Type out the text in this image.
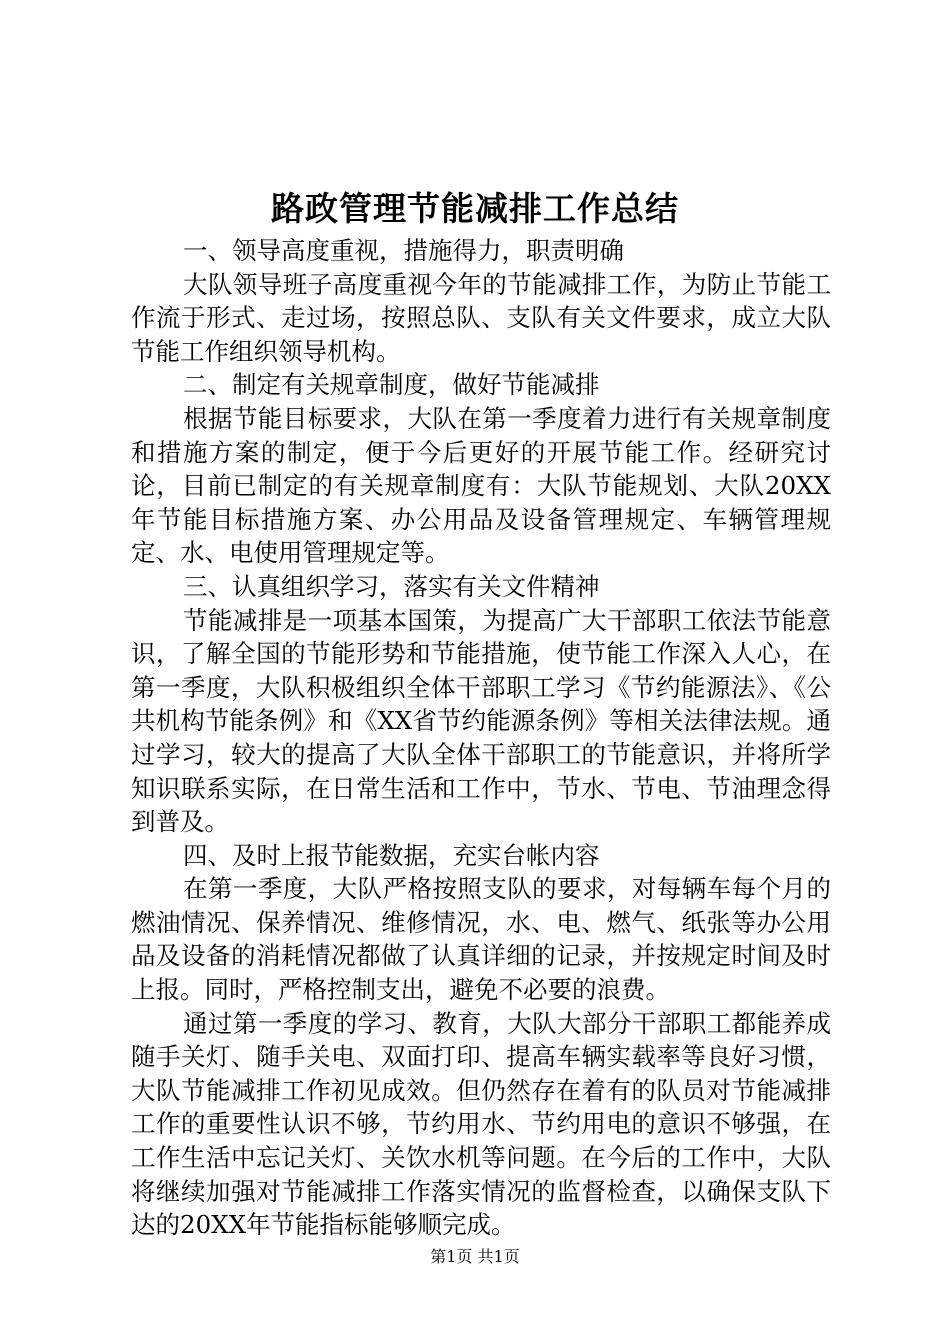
路政管理节能减排工作总结

一、领导高度重视，措施得力，职责明确

大队领导班子高度重视今年的节能减排工作，为防止节能工作流于形式、走过场，按照总队、支队有关文件要求，成立大队节能工作组织领导机构。

二、制定有关规章制度，做好节能减排

根据节能目标要求，大队在第一季度着力进行有关规章制度和措施方案的制定，便于今后更好的开展节能工作。经研究讨论，目前已制定的有关规章制度有：大队节能规划、大队20XX年节能目标措施方案、办公用品及设备管理规定、车辆管理规定、水、电使用管理规定等。

三、认真组织学习，落实有关文件精神

节能减排是一项基本国策，为提高广大干部职工依法节能意识，了解全国的节能形势和节能措施，使节能工作深入人心，在第一季度，大队积极组织全体干部职工学习《节约能源法》、《公共机构节能条例》和《XX省节约能源条例》等相关法律法规。通过学习，较大的提高了大队全体干部职工的节能意识，并将所学知识联系实际，在日常生活和工作中，节水、节电、节油理念得到普及。

四、及时上报节能数据，充实台帐内容

在第一季度，大队严格按照支队的要求，对每辆车每个月的燃油情况、保养情况、维修情况，水、电、燃气、纸张等办公用品及设备的消耗情况都做了认真详细的记录，并按规定时间及时上报。同时，严格控制支出，避免不必要的浪费。

通过第一季度的学习、教育，大队大部分干部职工都能养成随手关灯、随手关电、双面打印、提高车辆实载率等良好习惯，大队节能减排工作初见成效。但仍然存在着有的队员对节能减排工作的重要性认识不够，节约用水、节约用电的意识不够强，在工作生活中忘记关灯、关饮水机等问题。在今后的工作中，大队将继续加强对节能减排工作落实情况的监督检查，以确保支队下达的20XX年节能指标能够顺完成。

第1页 共1页
